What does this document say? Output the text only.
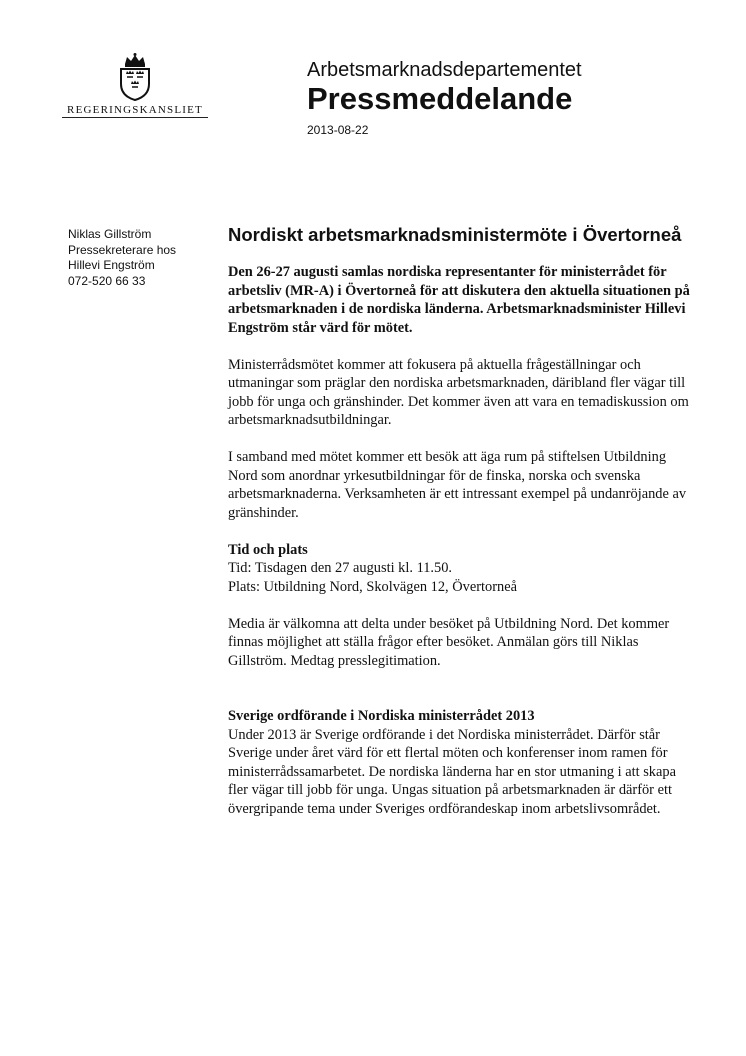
REGERINGSKANSLIET
Arbetsmarknadsdepartementet
Pressmeddelande
2013-08-22
Niklas Gillström
Pressekreterare hos
Hillevi Engström
072-520 66 33
Nordiskt arbetsmarknadsministermöte i Övertorneå

Den 26-27 augusti samlas nordiska representanter för ministerrådet för arbetsliv (MR-A) i Övertorneå för att diskutera den aktuella situationen på arbetsmarknaden i de nordiska länderna. Arbetsmarknadsminister Hillevi Engström står värd för mötet.

Ministerrådsmötet kommer att fokusera på aktuella frågeställningar och utmaningar som präglar den nordiska arbetsmarknaden, däribland fler vägar till jobb för unga och gränshinder. Det kommer även att vara en temadiskussion om arbetsmarknadsutbildningar.

I samband med mötet kommer ett besök att äga rum på stiftelsen Utbildning Nord som anordnar yrkesutbildningar för de finska, norska och svenska arbetsmarknaderna. Verksamheten är ett intressant exempel på undanröjande av gränshinder.

Tid och plats
Tid: Tisdagen den 27 augusti kl. 11.50.
Plats: Utbildning Nord, Skolvägen 12, Övertorneå

Media är välkomna att delta under besöket på Utbildning Nord. Det kommer finnas möjlighet att ställa frågor efter besöket. Anmälan görs till Niklas Gillström. Medtag presslegitimation.

Sverige ordförande i Nordiska ministerrådet 2013
Under 2013 är Sverige ordförande i det Nordiska ministerrådet. Därför står Sverige under året värd för ett flertal möten och konferenser inom ramen för ministerrådssamarbetet. De nordiska länderna har en stor utmaning i att skapa fler vägar till jobb för unga. Ungas situation på arbetsmarknaden är därför ett övergripande tema under Sveriges ordförandeskap inom arbetslivsområdet.
